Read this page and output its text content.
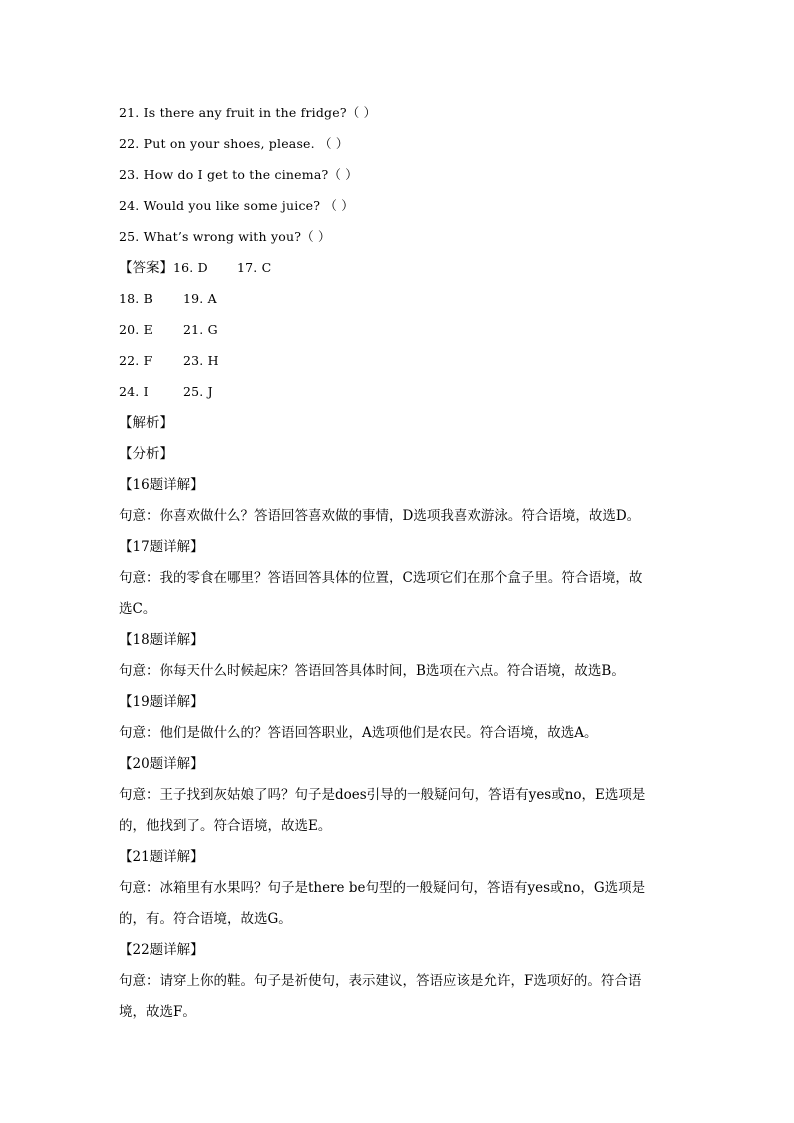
21. Is there any fruit in the fridge?（ ）
22. Put on your shoes, please. （ ）
23. How do I get to the cinema?（ ）
24. Would you like some juice? （ ）
25. What’s wrong with you?（ ）
【答案】16. D 17. C
18. B 19. A
20. E 21. G
22. F 23. H
24. I	25. J
【解析】
【分析】
【16题详解】
句意：你喜欢做什么？答语回答喜欢做的事情，D选项我喜欢游泳。符合语境，故选D。
【17题详解】
句意：我的零食在哪里？答语回答具体的位置，C选项它们在那个盒子里。符合语境，故
选C。
【18题详解】
句意：你每天什么时候起床？答语回答具体时间，B选项在六点。符合语境，故选B。
【19题详解】
句意：他们是做什么的？答语回答职业，A选项他们是农民。符合语境，故选A。
【20题详解】
句意：王子找到灰姑娘了吗？句子是does引导的一般疑问句，答语有yes或no，E选项是
的，他找到了。符合语境，故选E。
【21题详解】
句意：冰箱里有水果吗？句子是there be句型的一般疑问句，答语有yes或no，G选项是
的，有。符合语境，故选G。
【22题详解】
句意：请穿上你的鞋。句子是祈使句，表示建议，答语应该是允许，F选项好的。符合语
境，故选F。
